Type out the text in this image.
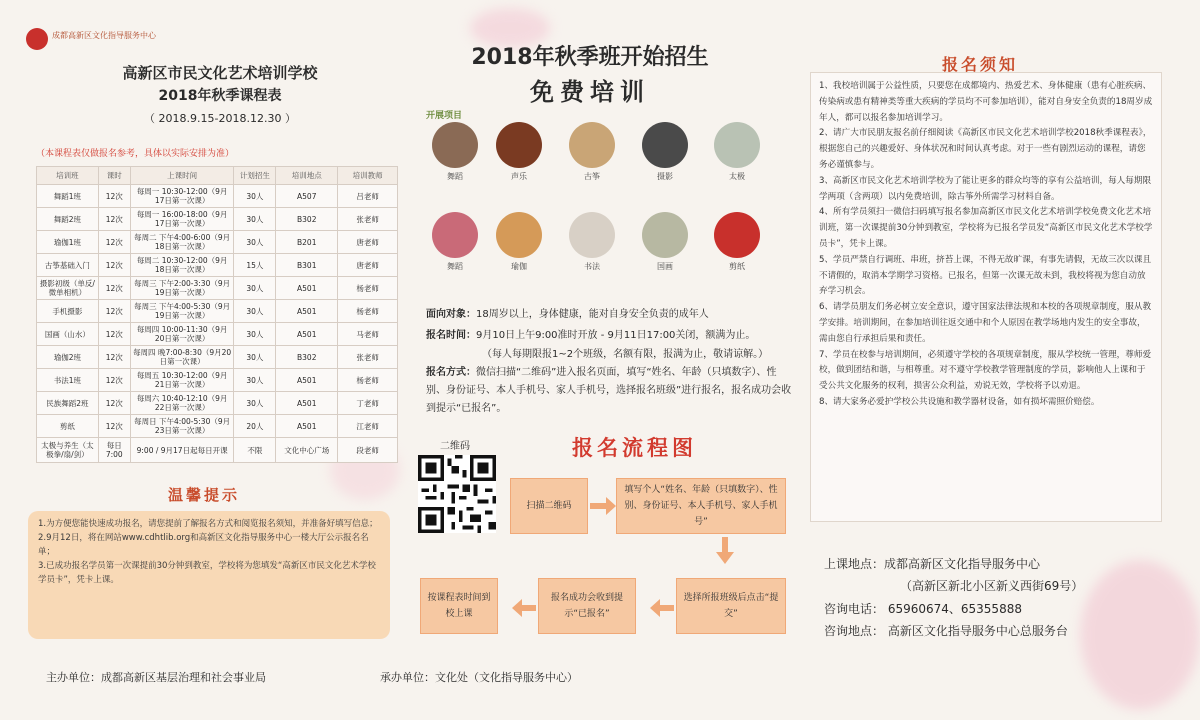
成都高新区文化指导服务中心
高新区市民文化艺术培训学校
2018年秋季课程表
（ 2018.9.15-2018.12.30 ）
（本课程表仅做报名参考，具体以实际安排为准）
培训班	课时	上课时间	计划招生	培训地点	培训教师
舞蹈1班	12次	每周一 10:30-12:00（9月17日第一次课）	30人	A507	吕老师
舞蹈2班	12次	每周一 16:00-18:00（9月17日第一次课）	30人	B302	张老师
瑜伽1班	12次	每周二 下午4:00-6:00（9月18日第一次课）	30人	B201	唐老师
古筝基础入门	12次	每周二 10:30-12:00（9月18日第一次课）	15人	B301	唐老师
摄影初级（单反/微单相机）	12次	每周三 下午2:00-3:30（9月19日第一次课）	30人	A501	杨老师
手机摄影	12次	每周三 下午4:00-5:30（9月19日第一次课）	30人	A501	杨老师
国画（山水）	12次	每周四 10:00-11:30（9月20日第一次课）	30人	A501	马老师
瑜伽2班	12次	每周四 晚7:00-8:30（9月20日第一次课）	30人	B302	张老师
书法1班	12次	每周五 10:30-12:00（9月21日第一次课）	30人	A501	杨老师
民族舞蹈2班	12次	每周六 10:40-12:10（9月22日第一次课）	30人	A501	丁老师
剪纸	12次	每周日 下午4:00-5:30（9月23日第一次课）	20人	A501	江老师
太极与养生（太极拳/扇/剑）	每日7:00	9:00 / 9月17日起每日开课	不限	文化中心广场	段老师
温馨提示

1.为方便您能快速成功报名，请您提前了解报名方式和阅览报名须知，并准备好填写信息；

2.9月12日，将在网站www.cdhtlib.org和高新区文化指导服务中心一楼大厅公示报名名单；

3.已成功报名学员第一次课提前30分钟到教室，学校将为您填发“高新区市民文化艺术学校学员卡”，凭卡上课。

主办单位：成都高新区基层治理和社会事业局	承办单位：文化处（文化指导服务中心）
2018年秋季班开始招生
免费培训
开展项目
舞蹈	声乐	古筝	摄影	太极
舞蹈	瑜伽	书法	国画	剪纸
面向对象：18周岁以上，身体健康，能对自身安全负责的成年人
报名时间：9月10日上午9:00准时开放 - 9月11日17:00关闭，额满为止。
（每人每期限报1~2个班级，名额有限，报满为止，敬请谅解。）
报名方式：微信扫描“二维码”进入报名页面，填写“姓名、年龄（只填数字）、性别、身份证号、本人手机号、家人手机号，选择报名班级”进行报名，报名成功会收到提示“已报名”。
二维码	报名流程图
扫描二维码
填写个人“姓名、年龄（只填数字）、性别、身份证号、本人手机号、家人手机号”
选择所报班级后点击“提交”
报名成功会收到提示“已报名”
按课程表时间到校上课
报名须知

1、我校培训属于公益性质，只要您在成都境内、热爱艺术、身体健康（患有心脏疾病、传染病或患有精神类等重大疾病的学员均不可参加培训），能对自身安全负责的18周岁成年人，都可以报名参加培训学习。

2、请广大市民朋友报名前仔细阅读《高新区市民文化艺术培训学校2018秋季课程表》，根据您自己的兴趣爱好、身体状况和时间认真考虑。对于一些有剧烈运动的课程，请您务必谨慎参与。

3、高新区市民文化艺术培训学校为了能让更多的群众均等的享有公益培训，每人每期限学两项（含两项）以内免费培训，除古筝外所需学习材料自备。

4、所有学员须扫一微信扫码填写报名参加高新区市民文化艺术培训学校免费文化艺术培训班，第一次课提前30分钟到教室，学校将为已报名学员发“高新区市民文化艺术学校学员卡”，凭卡上课。

5、学员严禁自行调班、串班，挤苔上课，不得无故旷课，有事先请假，无故三次以课且不请假的，取消本学期学习资格。已报名，但第一次课无故未到，我校将视为您自动放弃学习机会。

6、请学员朋友们务必树立安全意识，遵守国家法律法规和本校的各项规章制度，服从教学安排。培训期间，在参加培训往返交通中和个人原因在教学场地内发生的安全事故，需由您自行承担后果和责任。

7、学员在校参与培训期间，必须遵守学校的各项规章制度，服从学校统一管理，尊师爱校，做到团结和谐，与相尊重。对不遵守学校教学管理制度的学员，影响他人上课和于受公共文化服务的权利，损害公众利益，劝说无效，学校将予以劝退。

8、请大家务必爱护学校公共设施和教学器材设备，如有损坏需照价赔偿。

上课地点：成都高新区文化指导服务中心
（高新区新北小区新义西街69号）
咨询电话： 65960674、65355888
咨询地点： 高新区文化指导服务中心总服务台
